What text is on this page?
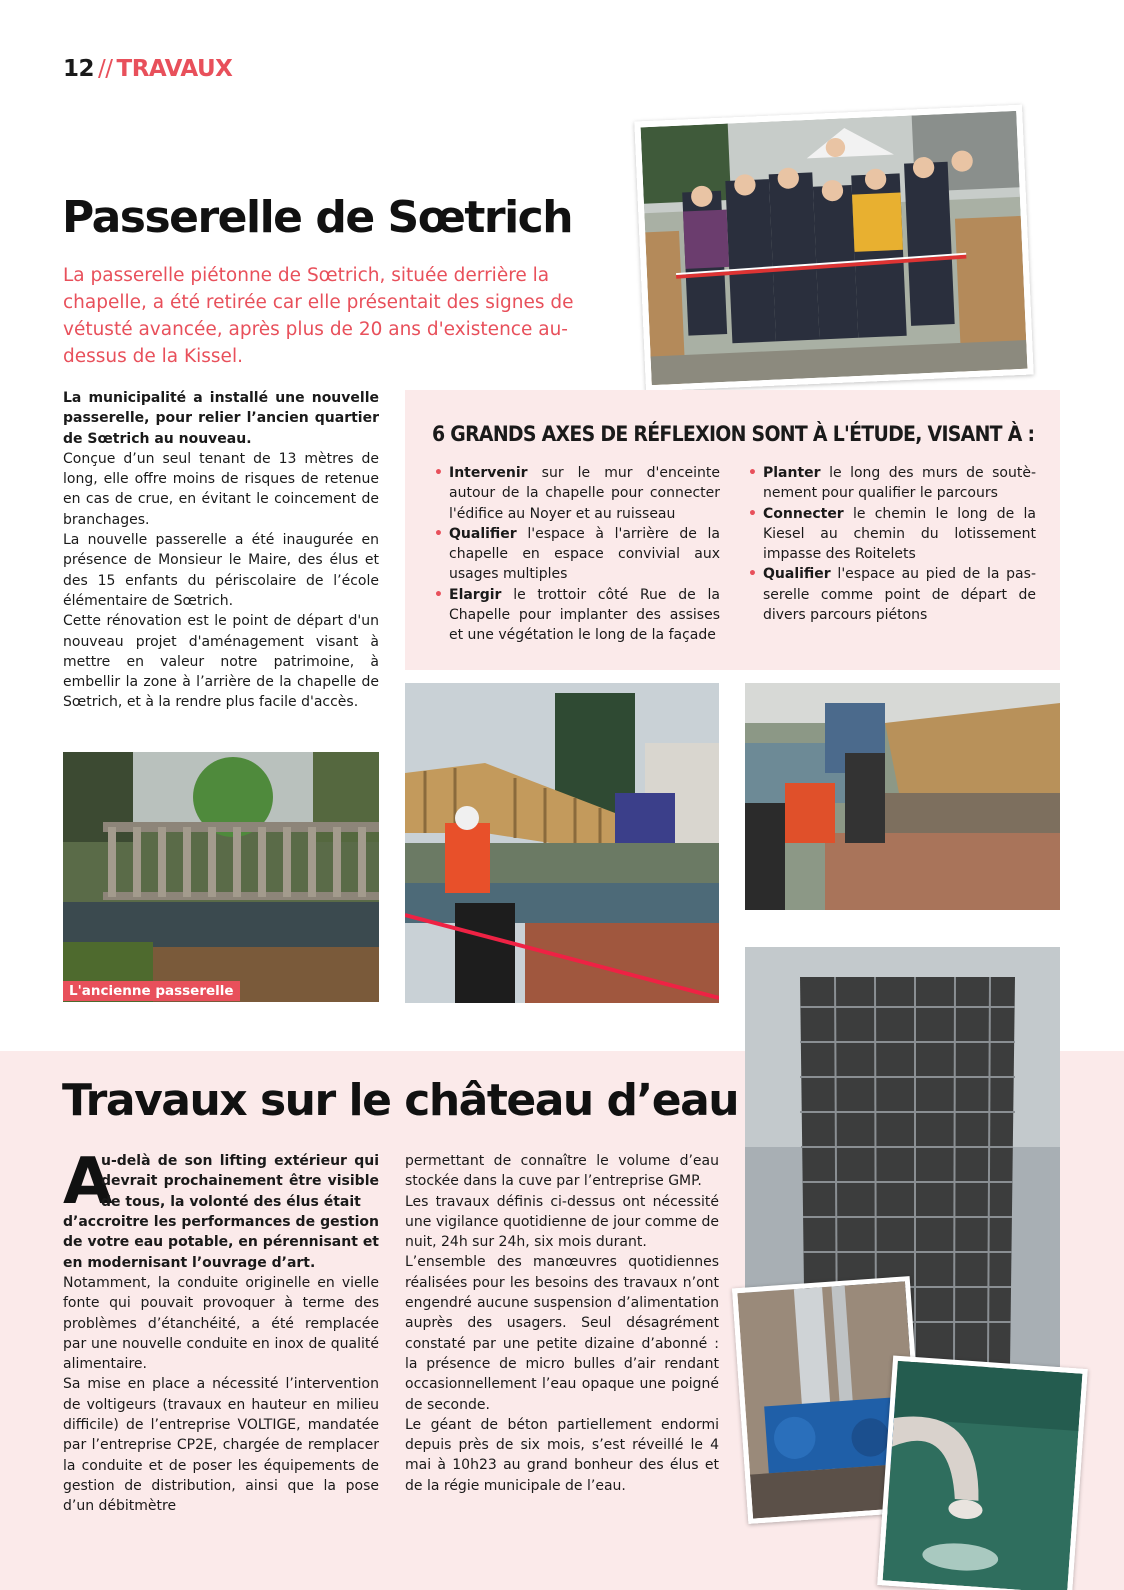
12 // TRAVAUX
Passerelle de Sœtrich

La passerelle piétonne de Sœtrich, située derrière la chapelle, a été retirée car elle présentait des signes de vétusté avancée, après plus de 20 ans d'existence au-dessus de la Kissel.

La municipalité a installé une nouvelle passerelle, pour relier l’ancien quartier de Sœtrich au nouveau.

Conçue d’un seul tenant de 13 mètres de long, elle offre moins de risques de retenue en cas de crue, en évitant le coincement de branchages.

La nouvelle passerelle a été inaugurée en présence de Monsieur le Maire, des élus et des 15 enfants du périscolaire de l’école élémentaire de Sœtrich.

Cette rénovation est le point de départ d'un nouveau projet d'aménagement visant à mettre en valeur notre patrimoine, à embellir la zone à l’arrière de la chapelle de Sœtrich, et à la rendre plus facile d'accès.

6 GRANDS AXES DE RÉFLEXION SONT À L'ÉTUDE, VISANT À :
• Intervenir sur le mur d'enceinte autour de la chapelle pour connecter l'édifice au Noyer et au ruisseau
• Qualifier l'espace à l'arrière de la chapelle en espace convivial aux usages multiples
• Elargir le trottoir côté Rue de la Chapelle pour implanter des assises et une végétation le long de la façade
• Planter le long des murs de soutènement pour qualifier le parcours
• Connecter le chemin le long de la Kiesel au chemin du lotissement impasse des Roitelets
• Qualifier l'espace au pied de la passerelle comme point de départ de divers parcours piétons
L'ancienne passerelle
Travaux sur le château d’eau
A

u-delà de son lifting extérieur qui devrait prochainement être visible de tous, la volonté des élus était

d’accroitre les performances de gestion de votre eau potable, en pérennisant et en modernisant l’ouvrage d’art.

Notamment, la conduite originelle en vielle fonte qui pouvait provoquer à terme des problèmes d’étanchéité, a été remplacée par une nouvelle conduite en inox de qualité alimentaire.

Sa mise en place a nécessité l’intervention de voltigeurs (travaux en hauteur en milieu difficile) de l’entreprise VOLTIGE, mandatée par l’entreprise CP2E, chargée de remplacer la conduite et de poser les équipements de gestion de distribution, ainsi que la pose d’un débitmètre

permettant de connaître le volume d’eau stockée dans la cuve par l’entreprise GMP.

Les travaux définis ci-dessus ont nécessité une vigilance quotidienne de jour comme de nuit, 24h sur 24h, six mois durant.

L’ensemble des manœuvres quotidiennes réalisées pour les besoins des travaux n’ont engendré aucune suspension d’alimentation auprès des usagers. Seul désagrément constaté par une petite dizaine d’abonné : la présence de micro bulles d’air rendant occasionnellement l’eau opaque une poigné de seconde.

Le géant de béton partiellement endormi depuis près de six mois, s’est réveillé le 4 mai à 10h23 au grand bonheur des élus et de la régie municipale de l’eau.
